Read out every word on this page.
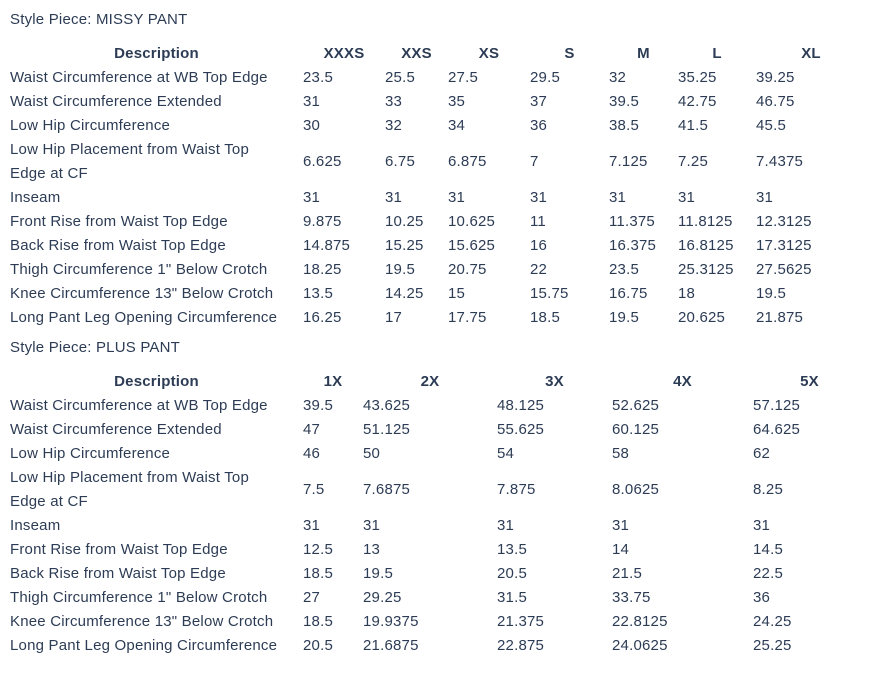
Style Piece: MISSY PANT
Description	XXXS	XXS	XS	S	M	L	XL
Waist Circumference at WB Top Edge	23.5	25.5	27.5	29.5	32	35.25	39.25
Waist Circumference Extended	31	33	35	37	39.5	42.75	46.75
Low Hip Circumference	30	32	34	36	38.5	41.5	45.5
Low Hip Placement from Waist Top Edge at CF	6.625	6.75	6.875	7	7.125	7.25	7.4375
Inseam	31	31	31	31	31	31	31
Front Rise from Waist Top Edge	9.875	10.25	10.625	11	11.375	11.8125	12.3125
Back Rise from Waist Top Edge	14.875	15.25	15.625	16	16.375	16.8125	17.3125
Thigh Circumference 1" Below Crotch	18.25	19.5	20.75	22	23.5	25.3125	27.5625
Knee Circumference 13" Below Crotch	13.5	14.25	15	15.75	16.75	18	19.5
Long Pant Leg Opening Circumference	16.25	17	17.75	18.5	19.5	20.625	21.875
Style Piece: PLUS PANT
Description	1X	2X	3X	4X	5X
Waist Circumference at WB Top Edge	39.5	43.625	48.125	52.625	57.125
Waist Circumference Extended	47	51.125	55.625	60.125	64.625
Low Hip Circumference	46	50	54	58	62
Low Hip Placement from Waist Top Edge at CF	7.5	7.6875	7.875	8.0625	8.25
Inseam	31	31	31	31	31
Front Rise from Waist Top Edge	12.5	13	13.5	14	14.5
Back Rise from Waist Top Edge	18.5	19.5	20.5	21.5	22.5
Thigh Circumference 1" Below Crotch	27	29.25	31.5	33.75	36
Knee Circumference 13" Below Crotch	18.5	19.9375	21.375	22.8125	24.25
Long Pant Leg Opening Circumference	20.5	21.6875	22.875	24.0625	25.25
